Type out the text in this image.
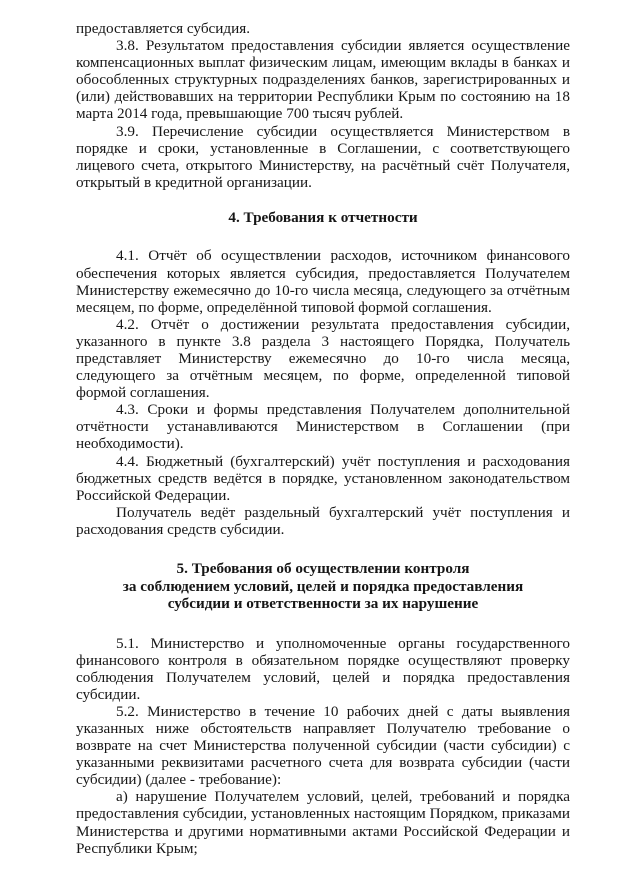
предоставляется субсидия.

3.8. Результатом предоставления субсидии является осуществление компенсационных выплат физическим лицам, имеющим вклады в банках и обособленных структурных подразделениях банков, зарегистрированных и (или) действовавших на территории Республики Крым по состоянию на 18 марта 2014 года, превышающие 700 тысяч рублей.

3.9. Перечисление субсидии осуществляется Министерством в порядке и сроки, установленные в Соглашении, с соответствующего лицевого счета, открытого Министерству, на расчётный счёт Получателя, открытый в кредитной организации.

4. Требования к отчетности

4.1. Отчёт об осуществлении расходов, источником финансового обеспечения которых является субсидия, предоставляется Получателем Министерству ежемесячно до 10-го числа месяца, следующего за отчётным месяцем, по форме, определённой типовой формой соглашения.

4.2. Отчёт о достижении результата предоставления субсидии, указанного в пункте 3.8 раздела 3 настоящего Порядка, Получатель представляет Министерству ежемесячно до 10-го числа месяца, следующего за отчётным месяцем, по форме, определенной типовой формой соглашения.

4.3. Сроки и формы представления Получателем дополнительной отчётности устанавливаются Министерством в Соглашении (при необходимости).

4.4. Бюджетный (бухгалтерский) учёт поступления и расходования бюджетных средств ведётся в порядке, установленном законодательством Российской Федерации.

Получатель ведёт раздельный бухгалтерский учёт поступления и расходования средств субсидии.

5. Требования об осуществлении контроля

за соблюдением условий, целей и порядка предоставления

субсидии и ответственности за их нарушение

5.1. Министерство и уполномоченные органы государственного финансового контроля в обязательном порядке осуществляют проверку соблюдения Получателем условий, целей и порядка предоставления субсидии.

5.2. Министерство в течение 10 рабочих дней с даты выявления указанных ниже обстоятельств направляет Получателю требование о возврате на счет Министерства полученной субсидии (части субсидии) с указанными реквизитами расчетного счета для возврата субсидии (части субсидии) (далее - требование):

а) нарушение Получателем условий, целей, требований и порядка предоставления субсидии, установленных настоящим Порядком, приказами Министерства и другими нормативными актами Российской Федерации и Республики Крым;
